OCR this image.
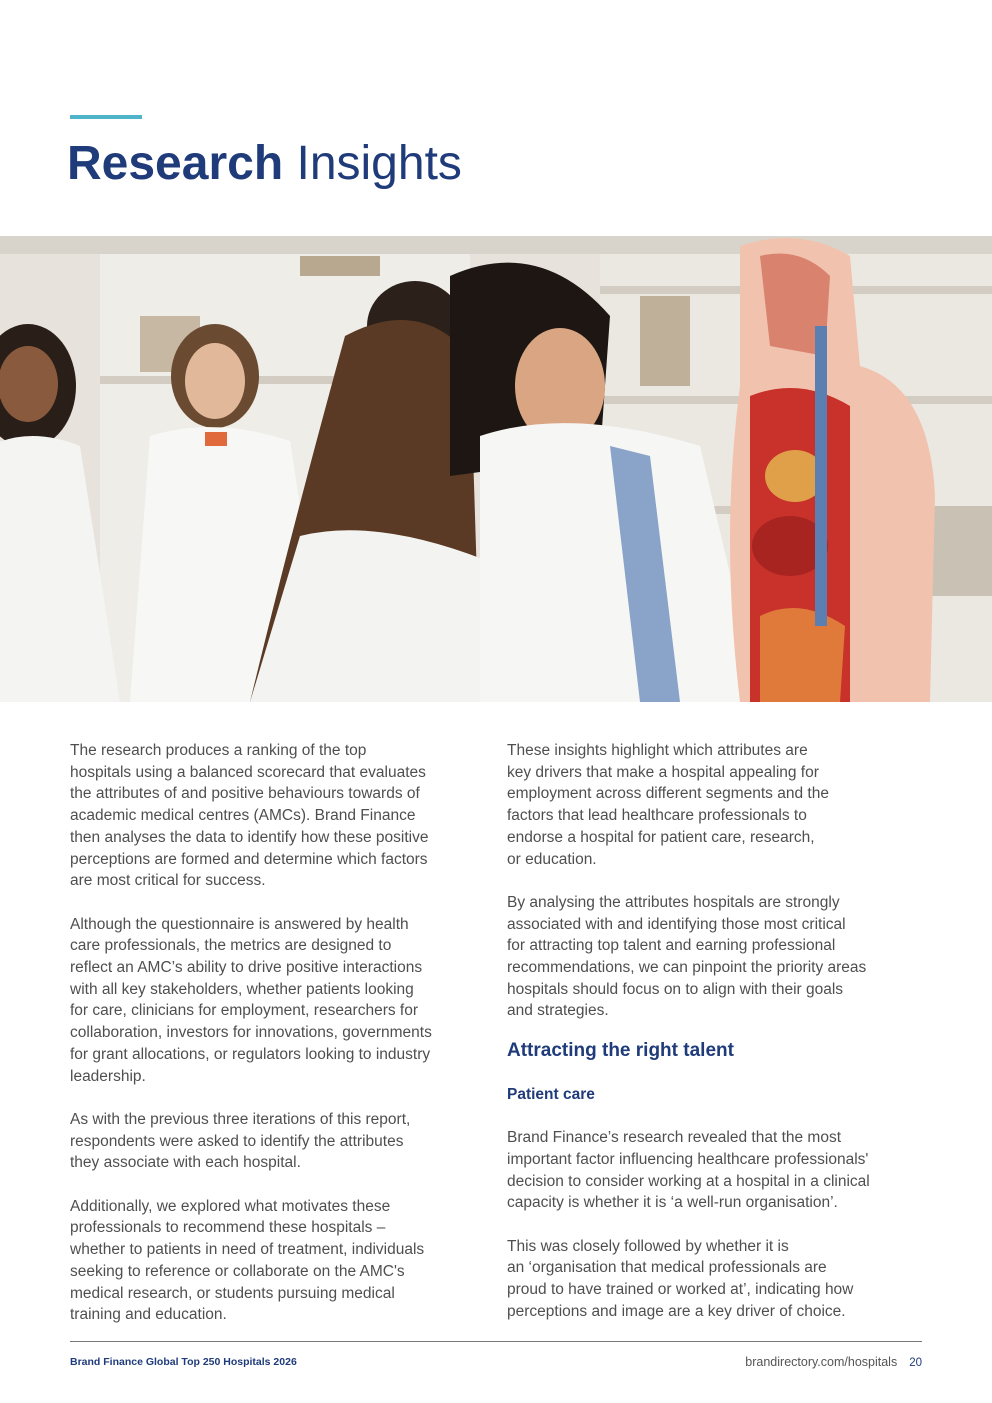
Research Insights

The research produces a ranking of the top
hospitals using a balanced scorecard that evaluates
the attributes of and positive behaviours towards of
academic medical centres (AMCs). Brand Finance
then analyses the data to identify how these positive
perceptions are formed and determine which factors
are most critical for success.

Although the questionnaire is answered by health
care professionals, the metrics are designed to
reflect an AMC’s ability to drive positive interactions
with all key stakeholders, whether patients looking
for care, clinicians for employment, researchers for
collaboration, investors for innovations, governments
for grant allocations, or regulators looking to industry
leadership.

As with the previous three iterations of this report,
respondents were asked to identify the attributes
they associate with each hospital.

Additionally, we explored what motivates these
professionals to recommend these hospitals –
whether to patients in need of treatment, individuals
seeking to reference or collaborate on the AMC's
medical research, or students pursuing medical
training and education.

These insights highlight which attributes are
key drivers that make a hospital appealing for
employment across different segments and the
factors that lead healthcare professionals to
endorse a hospital for patient care, research,
or education.

By analysing the attributes hospitals are strongly
associated with and identifying those most critical
for attracting top talent and earning professional
recommendations, we can pinpoint the priority areas
hospitals should focus on to align with their goals
and strategies.

Attracting the right talent
Patient care

Brand Finance’s research revealed that the most
important factor influencing healthcare professionals'
decision to consider working at a hospital in a clinical
capacity is whether it is ‘a well-run organisation’.

This was closely followed by whether it is
an ‘organisation that medical professionals are
proud to have trained or worked at’, indicating how
perceptions and image are a key driver of choice.

Brand Finance Global Top 250 Hospitals 2026	brandirectory.com/hospitals 20
